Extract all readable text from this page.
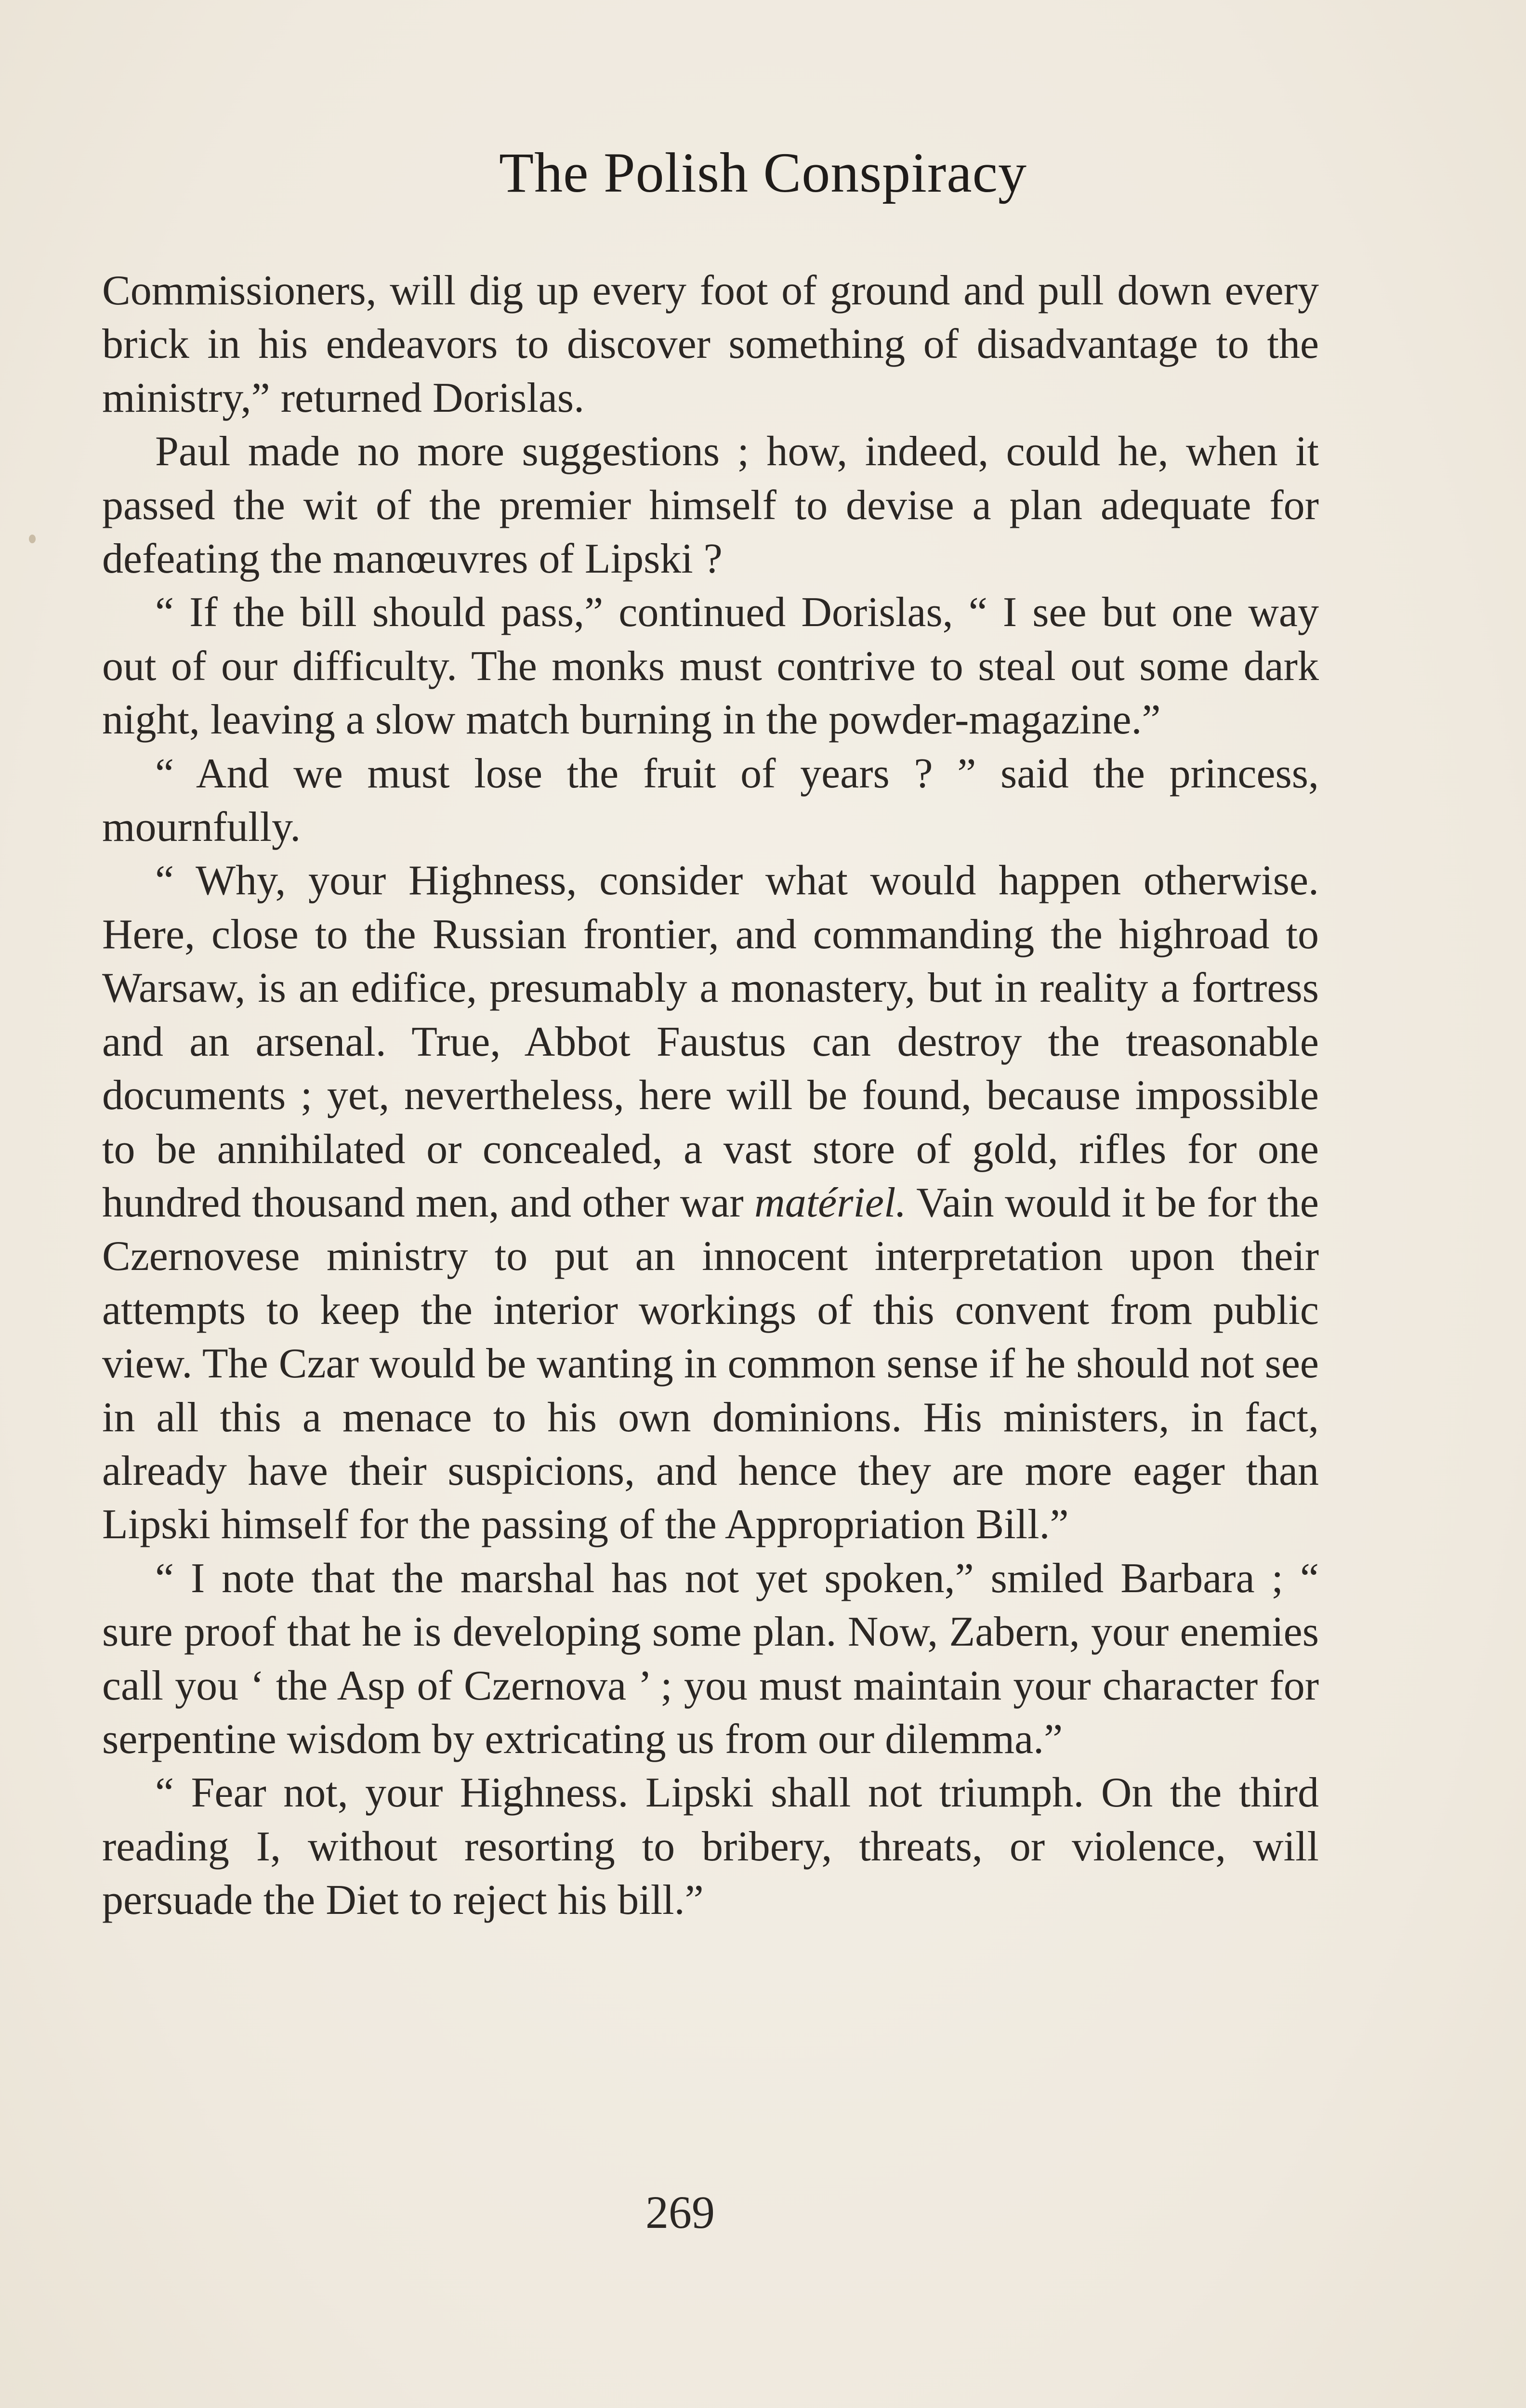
The Polish Conspiracy

Commissioners, will dig up every foot of ground and pull down every brick in his endeavors to discover something of disadvantage to the ministry,” returned Dorislas.

Paul made no more suggestions ; how, indeed, could he, when it passed the wit of the premier himself to devise a plan adequate for defeating the manœuvres of Lipski ?

“ If the bill should pass,” continued Dorislas, “ I see but one way out of our difficulty. The monks must contrive to steal out some dark night, leaving a slow match burning in the powder-magazine.”

“ And we must lose the fruit of years ? ” said the princess, mournfully.

“ Why, your Highness, consider what would happen otherwise. Here, close to the Russian frontier, and commanding the highroad to Warsaw, is an edifice, presumably a monastery, but in reality a fortress and an arsenal. True, Abbot Faustus can destroy the treasonable documents ; yet, nevertheless, here will be found, because impossible to be annihilated or concealed, a vast store of gold, rifles for one hundred thousand men, and other war matériel. Vain would it be for the Czernovese ministry to put an innocent interpretation upon their attempts to keep the interior workings of this convent from public view. The Czar would be wanting in common sense if he should not see in all this a menace to his own dominions. His ministers, in fact, already have their suspicions, and hence they are more eager than Lipski himself for the passing of the Appropriation Bill.”

“ I note that the marshal has not yet spoken,” smiled Barbara ; “ sure proof that he is developing some plan. Now, Zabern, your enemies call you ‘ the Asp of Czernova ’ ; you must maintain your character for serpentine wisdom by extricating us from our dilemma.”

“ Fear not, your Highness. Lipski shall not triumph. On the third reading I, without resorting to bribery, threats, or violence, will persuade the Diet to reject his bill.”

269
